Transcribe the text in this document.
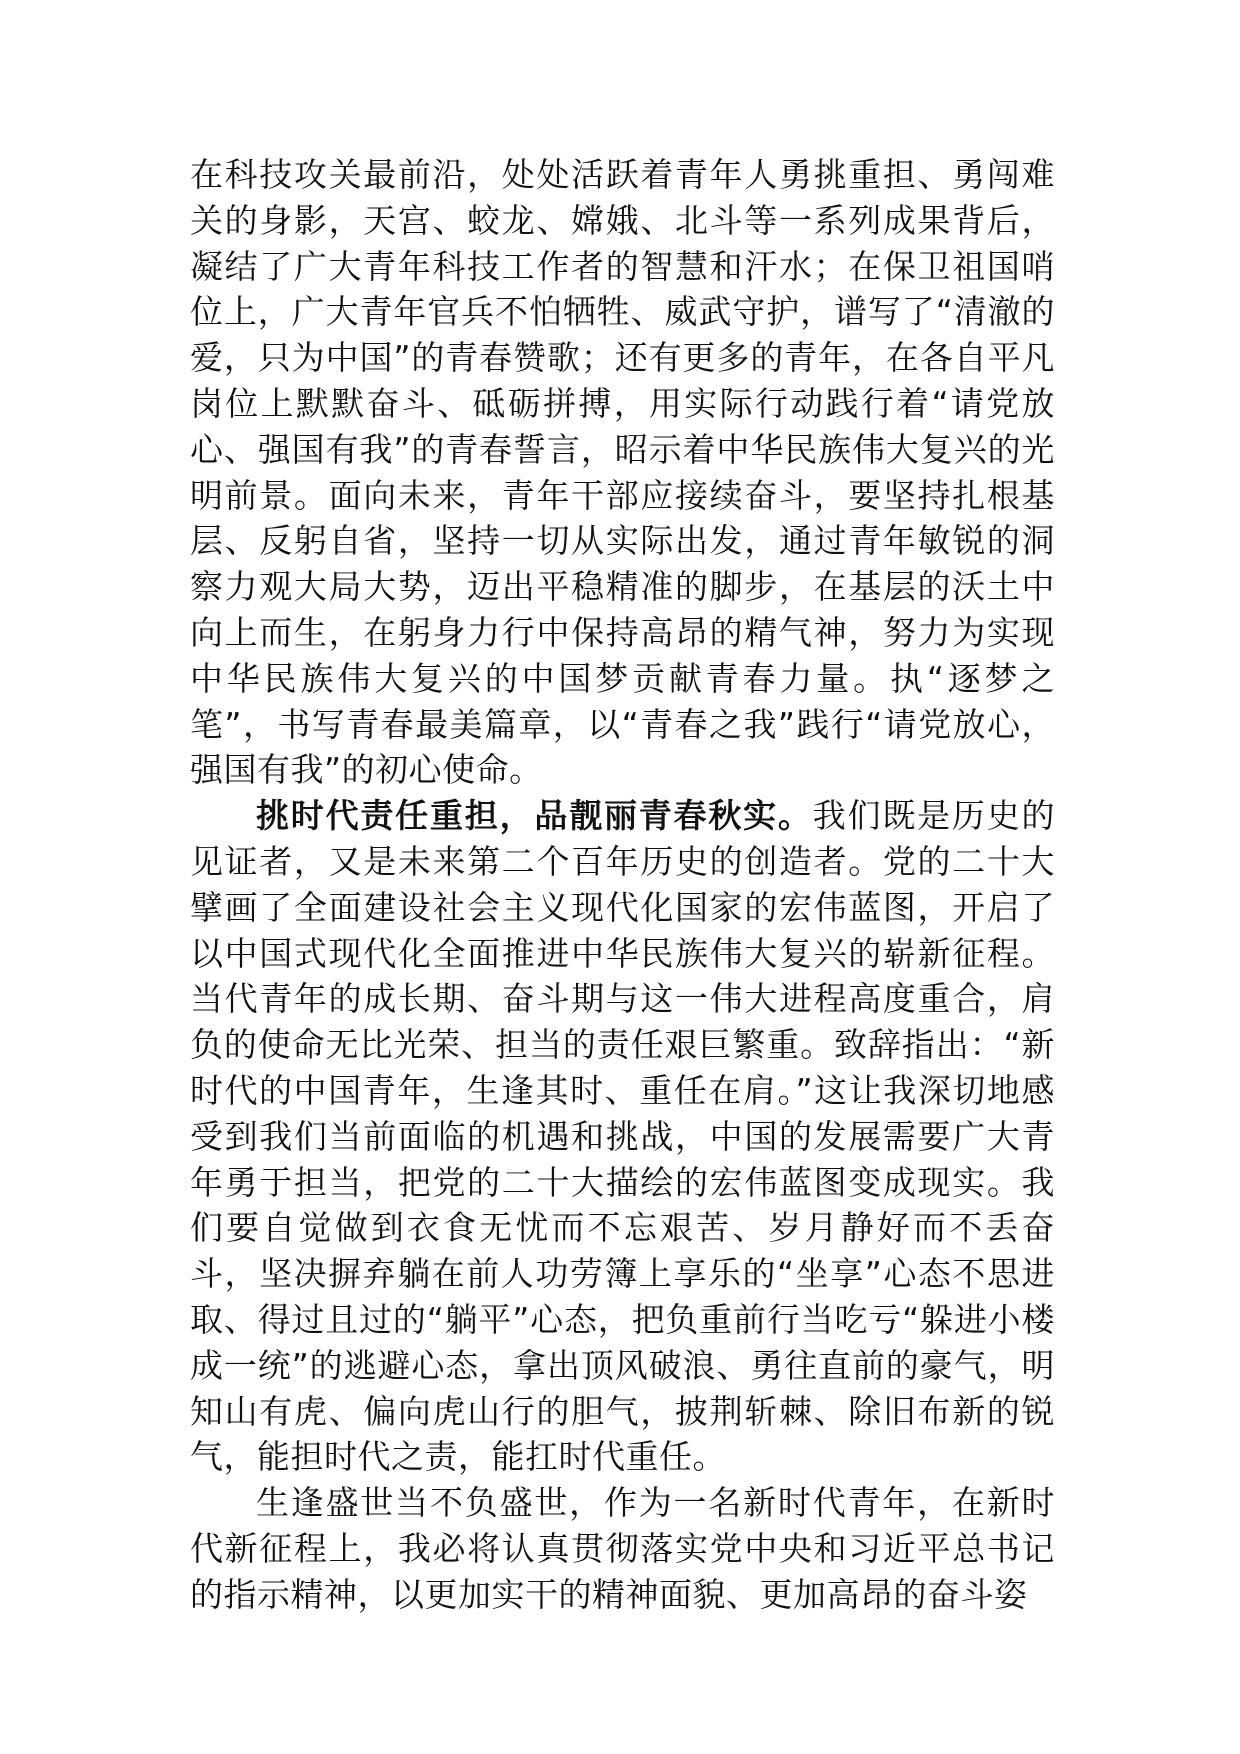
在科技攻关最前沿，处处活跃着青年人勇挑重担、勇闯难关的身影，天宫、蛟龙、嫦娥、北斗等一系列成果背后，凝结了广大青年科技工作者的智慧和汗水；在保卫祖国哨位上，广大青年官兵不怕牺牲、威武守护，谱写了“清澈的爱，只为中国”的青春赞歌；还有更多的青年，在各自平凡岗位上默默奋斗、砥砺拼搏，用实际行动践行着“请党放心、强国有我”的青春誓言，昭示着中华民族伟大复兴的光明前景。面向未来，青年干部应接续奋斗，要坚持扎根基层、反躬自省，坚持一切从实际出发，通过青年敏锐的洞察力观大局大势，迈出平稳精准的脚步，在基层的沃土中向上而生，在躬身力行中保持高昂的精气神，努力为实现中华民族伟大复兴的中国梦贡献青春力量。执“逐梦之笔”，书写青春最美篇章，以“青春之我”践行“请党放心，强国有我”的初心使命。

挑时代责任重担，品靓丽青春秋实。我们既是历史的见证者，又是未来第二个百年历史的创造者。党的二十大擘画了全面建设社会主义现代化国家的宏伟蓝图，开启了以中国式现代化全面推进中华民族伟大复兴的崭新征程。当代青年的成长期、奋斗期与这一伟大进程高度重合，肩负的使命无比光荣、担当的责任艰巨繁重。致辞指出：“新时代的中国青年，生逢其时、重任在肩。”这让我深切地感受到我们当前面临的机遇和挑战，中国的发展需要广大青年勇于担当，把党的二十大描绘的宏伟蓝图变成现实。我们要自觉做到衣食无忧而不忘艰苦、岁月静好而不丢奋斗，坚决摒弃躺在前人功劳簿上享乐的“坐享”心态不思进取、得过且过的“躺平”心态，把负重前行当吃亏“躲进小楼成一统”的逃避心态，拿出顶风破浪、勇往直前的豪气，明知山有虎、偏向虎山行的胆气，披荆斩棘、除旧布新的锐气，能担时代之责，能扛时代重任。

生逢盛世当不负盛世，作为一名新时代青年，在新时代新征程上，我必将认真贯彻落实党中央和习近平总书记的指示精神，以更加实干的精神面貌、更加高昂的奋斗姿
